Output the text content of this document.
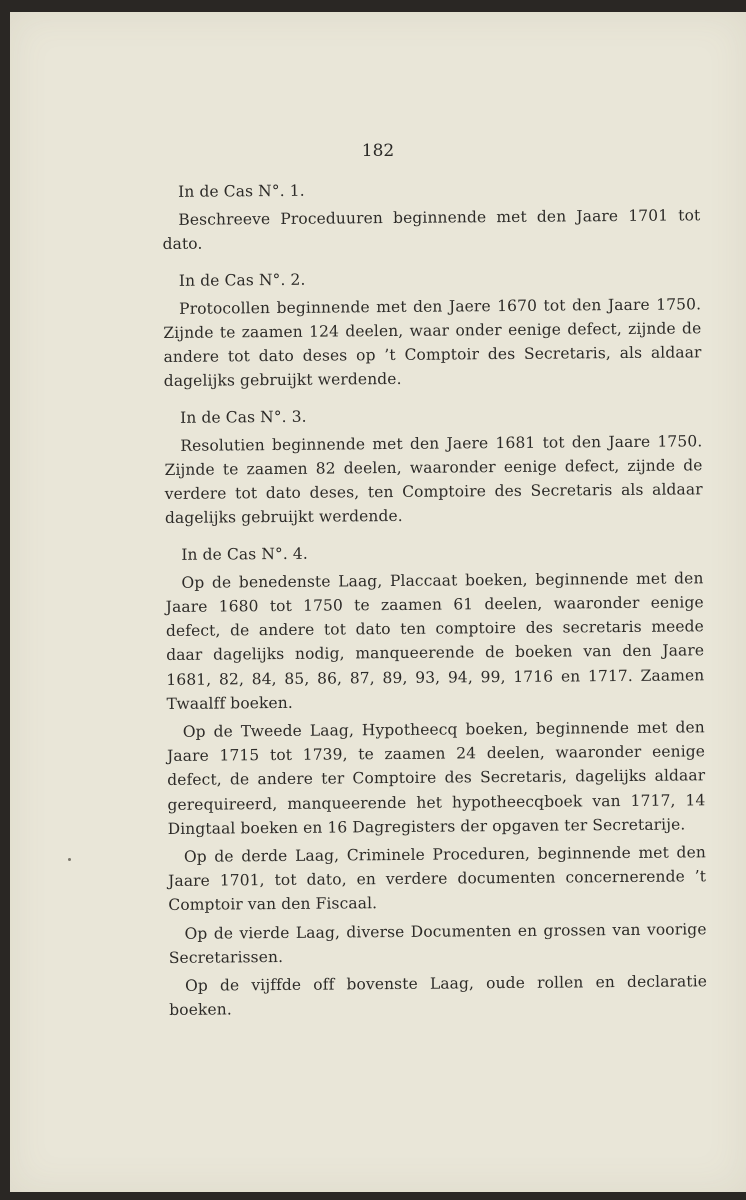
182

In de Cas N°. 1.

Beschreeve Proceduuren beginnende met den Jaare 1701 tot dato.

In de Cas N°. 2.

Protocollen beginnende met den Jaere 1670 tot den Jaare 1750. Zijnde te zaamen 124 deelen, waar onder eenige defect, zijnde de andere tot dato deses op ’t Comptoir des Secretaris, als aldaar dagelijks gebruijkt werdende.

In de Cas N°. 3.

Resolutien beginnende met den Jaere 1681 tot den Jaare 1750. Zijnde te zaamen 82 deelen, waaronder eenige defect, zijnde de verdere tot dato deses, ten Comptoire des Secretaris als aldaar dagelijks gebruijkt werdende.

In de Cas N°. 4.

Op de benedenste Laag, Placcaat boeken, beginnende met den Jaare 1680 tot 1750 te zaamen 61 deelen, waaronder eenige defect, de andere tot dato ten comptoire des secretaris meede daar dagelijks nodig, manqueerende de boeken van den Jaare 1681, 82, 84, 85, 86, 87, 89, 93, 94, 99, 1716 en 1717. Zaamen Twaalff boeken.

Op de Tweede Laag, Hypotheecq boeken, beginnende met den Jaare 1715 tot 1739, te zaamen 24 deelen, waaronder eenige defect, de andere ter Comptoire des Secretaris, dagelijks aldaar gerequireerd, manqueerende het hypotheecqboek van 1717, 14 Dingtaal boeken en 16 Dagregisters der opgaven ter Secretarije.

Op de derde Laag, Criminele Proceduren, beginnende met den Jaare 1701, tot dato, en verdere documenten concernerende ’t Comptoir van den Fiscaal.

Op de vierde Laag, diverse Documenten en grossen van voorige Secretarissen.

Op de vijffde off bovenste Laag, oude rollen en declaratie boeken.
